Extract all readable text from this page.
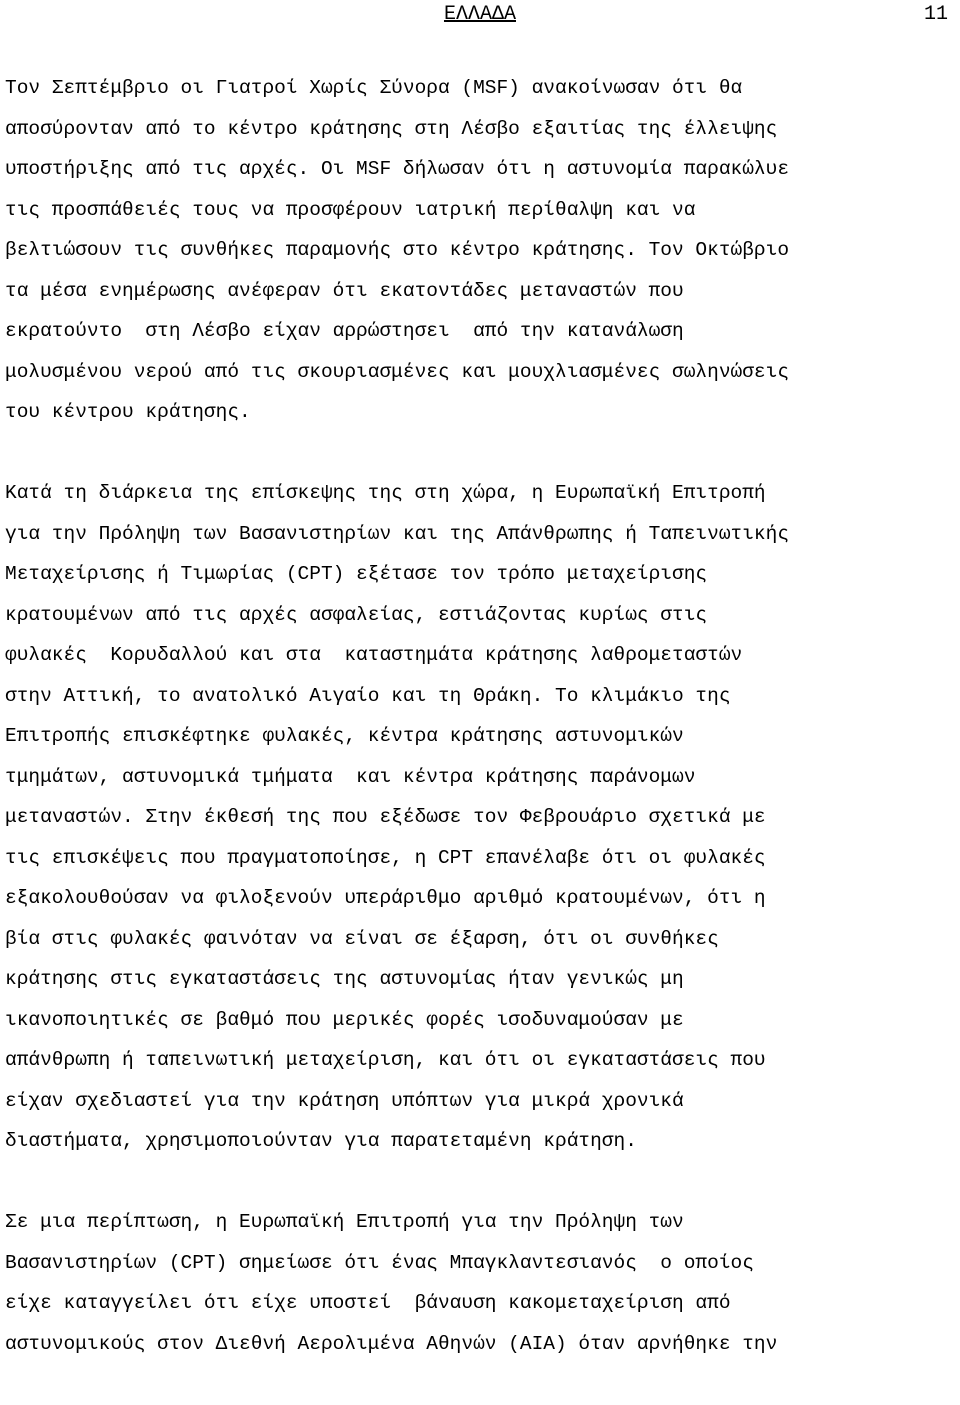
ΕΛΛΑΔΑ	11
Τον Σεπτέμβριο οι Γιατροί Χωρίς Σύνορα (MSF) ανακοίνωσαν ότι θα
αποσύρονταν από το κέντρο κράτησης στη Λέσβο εξαιτίας της έλλειψης
υποστήριξης από τις αρχές. Οι MSF δήλωσαν ότι η αστυνομία παρακώλυε
τις προσπάθειές τους να προσφέρουν ιατρική περίθαλψη και να
βελτιώσουν τις συνθήκες παραμονής στο κέντρο κράτησης. Τον Οκτώβριο
τα μέσα ενημέρωσης ανέφεραν ότι εκατοντάδες μεταναστών που
εκρατούντο  στη Λέσβο είχαν αρρώστησει  από την κατανάλωση
μολυσμένου νερού από τις σκουριασμένες και μουχλιασμένες σωληνώσεις
του κέντρου κράτησης.
Κατά τη διάρκεια της επίσκεψης της στη χώρα, η Ευρωπαϊκή Επιτροπή
για την Πρόληψη των Βασανιστηρίων και της Απάνθρωπης ή Ταπεινωτικής
Μεταχείρισης ή Τιμωρίας (CPT) εξέτασε τον τρόπο μεταχείρισης
κρατουμένων από τις αρχές ασφαλείας, εστιάζοντας κυρίως στις
φυλακές  Κορυδαλλού και στα  καταστημάτα κράτησης λαθρομεταστών
στην Αττική, το ανατολικό Αιγαίο και τη Θράκη. Το κλιμάκιο της
Επιτροπής επισκέφτηκε φυλακές, κέντρα κράτησης αστυνομικών
τμημάτων, αστυνομικά τμήματα  και κέντρα κράτησης παράνομων
μεταναστών. Στην έκθεσή της που εξέδωσε τον Φεβρουάριο σχετικά με
τις επισκέψεις που πραγματοποίησε, η CPT επανέλαβε ότι οι φυλακές
εξακολουθούσαν να φιλοξενούν υπεράριθμο αριθμό κρατουμένων, ότι η
βία στις φυλακές φαινόταν να είναι σε έξαρση, ότι οι συνθήκες
κράτησης στις εγκαταστάσεις της αστυνομίας ήταν γενικώς μη
ικανοποιητικές σε βαθμό που μερικές φορές ισοδυναμούσαν με
απάνθρωπη ή ταπεινωτική μεταχείριση, και ότι οι εγκαταστάσεις που
είχαν σχεδιαστεί για την κράτηση υπόπτων για μικρά χρονικά
διαστήματα, χρησιμοποιούνταν για παρατεταμένη κράτηση.
Σε μια περίπτωση, η Ευρωπαϊκή Επιτροπή για την Πρόληψη των
Βασανιστηρίων (CPT) σημείωσε ότι ένας Μπαγκλαντεσιανός  ο οποίος
είχε καταγγείλει ότι είχε υποστεί  βάναυση κακομεταχείριση από
αστυνομικούς στον Διεθνή Αερολιμένα Αθηνών (ΑΙΑ) όταν αρνήθηκε την
